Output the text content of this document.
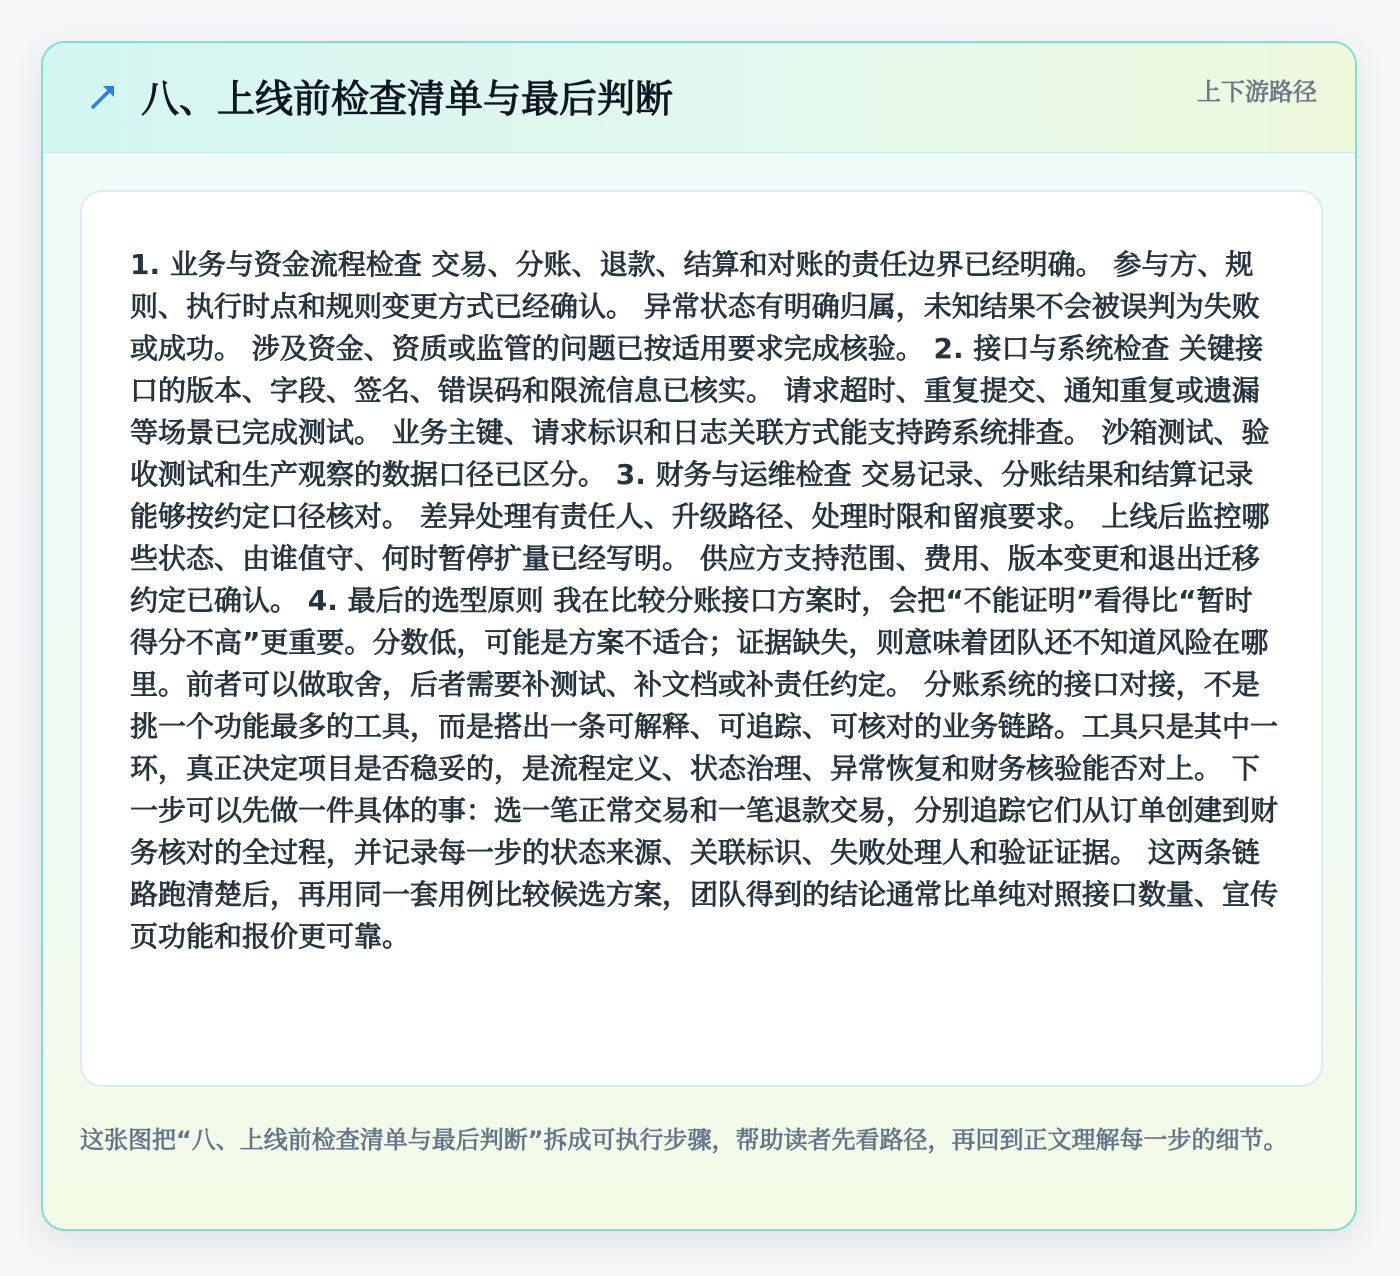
八、上线前检查清单与最后判断	上下游路径

1. 业务与资金流程检查 交易、分账、退款、结算和对账的责任边界已经明确。 参与方、规则、执行时点和规则变更方式已经确认。 异常状态有明确归属，未知结果不会被误判为失败或成功。 涉及资金、资质或监管的问题已按适用要求完成核验。 2. 接口与系统检查 关键接口的版本、字段、签名、错误码和限流信息已核实。 请求超时、重复提交、通知重复或遗漏等场景已完成测试。 业务主键、请求标识和日志关联方式能支持跨系统排查。 沙箱测试、验收测试和生产观察的数据口径已区分。 3. 财务与运维检查 交易记录、分账结果和结算记录能够按约定口径核对。 差异处理有责任人、升级路径、处理时限和留痕要求。 上线后监控哪些状态、由谁值守、何时暂停扩量已经写明。 供应方支持范围、费用、版本变更和退出迁移约定已确认。 4. 最后的选型原则 我在比较分账接口方案时，会把“不能证明”看得比“暂时得分不高”更重要。分数低，可能是方案不适合；证据缺失，则意味着团队还不知道风险在哪里。前者可以做取舍，后者需要补测试、补文档或补责任约定。 分账系统的接口对接，不是挑一个功能最多的工具，而是搭出一条可解释、可追踪、可核对的业务链路。工具只是其中一环，真正决定项目是否稳妥的，是流程定义、状态治理、异常恢复和财务核验能否对上。 下一步可以先做一件具体的事：选一笔正常交易和一笔退款交易，分别追踪它们从订单创建到财务核对的全过程，并记录每一步的状态来源、关联标识、失败处理人和验证证据。 这两条链路跑清楚后，再用同一套用例比较候选方案，团队得到的结论通常比单纯对照接口数量、宣传页功能和报价更可靠。

这张图把“八、上线前检查清单与最后判断”拆成可执行步骤，帮助读者先看路径，再回到正文理解每一步的细节。
